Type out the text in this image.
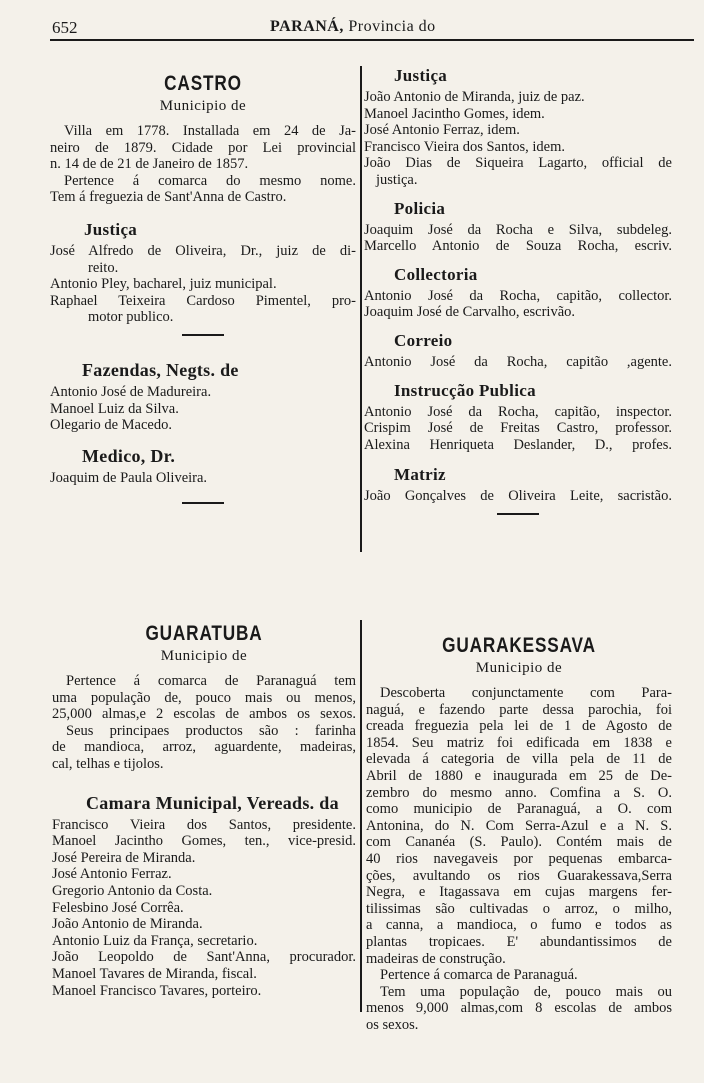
652	PARANÁ, Provincia do
CASTRO
Municipio de
Villa em 1778. Installada em 24 de Ja-
neiro de 1879. Cidade por Lei provincial
n. 14 de de 21 de Janeiro de 1857.
Pertence á comarca do mesmo nome.
Tem á freguezia de Sant'Anna de Castro.
Justiça
José Alfredo de Oliveira, Dr., juiz de di-
reito.
Antonio Pley, bacharel, juiz municipal.
Raphael Teixeira Cardoso Pimentel, pro-
motor publico.
Fazendas, Negts. de
Antonio José de Madureira.
Manoel Luiz da Silva.
Olegario de Macedo.
Medico, Dr.
Joaquim de Paula Oliveira.
Justiça
João Antonio de Miranda, juiz de paz.
Manoel Jacintho Gomes, idem.
José Antonio Ferraz, idem.
Francisco Vieira dos Santos, idem.
João Dias de Siqueira Lagarto, official de
justiça.
Policia
Joaquim José da Rocha e Silva, subdeleg.
Marcello Antonio de Souza Rocha, escriv.
Collectoria
Antonio José da Rocha, capitão, collector.
Joaquim José de Carvalho, escrivão.
Correio
Antonio José da Rocha, capitão ,agente.
Instrucção Publica
Antonio José da Rocha, capitão, inspector.
Crispim José de Freitas Castro, professor.
Alexina Henriqueta Deslander, D., profes.
Matriz
João Gonçalves de Oliveira Leite, sacristão.
GUARATUBA
Municipio de
Pertence á comarca de Paranaguá tem
uma população de, pouco mais ou menos,
25,000 almas,e 2 escolas de ambos os sexos.
Seus principaes productos são : farinha
de mandioca, arroz, aguardente, madeiras,
cal, telhas e tijolos.
Camara Municipal, Vereads. da
Francisco Vieira dos Santos, presidente.
Manoel Jacintho Gomes, ten., vice-presid.
José Pereira de Miranda.
José Antonio Ferraz.
Gregorio Antonio da Costa.
Felesbino José Corrêa.
João Antonio de Miranda.
Antonio Luiz da França, secretario.
João Leopoldo de Sant'Anna, procurador.
Manoel Tavares de Miranda, fiscal.
Manoel Francisco Tavares, porteiro.
GUARAKESSAVA
Municipio de
Descoberta conjunctamente com Para-
naguá, e fazendo parte dessa parochia, foi
creada freguezia pela lei de 1 de Agosto de
1854. Seu matriz foi edificada em 1838 e
elevada á categoria de villa pela de 11 de
Abril de 1880 e inaugurada em 25 de De-
zembro do mesmo anno. Comfina a S. O.
como municipio de Paranaguá, a O. com
Antonina, do N. Com Serra-Azul e a N. S.
com Cananéa (S. Paulo). Contém mais de
40 rios navegaveis por pequenas embarca-
ções, avultando os rios Guarakessava,Serra
Negra, e Itagassava em cujas margens fer-
tilissimas são cultivadas o arroz, o milho,
a canna, a mandioca, o fumo e todos as
plantas tropicaes. E' abundantissimos de
madeiras de construção.
Pertence á comarca de Paranaguá.
Tem uma população de, pouco mais ou
menos 9,000 almas,com 8 escolas de ambos
os sexos.
